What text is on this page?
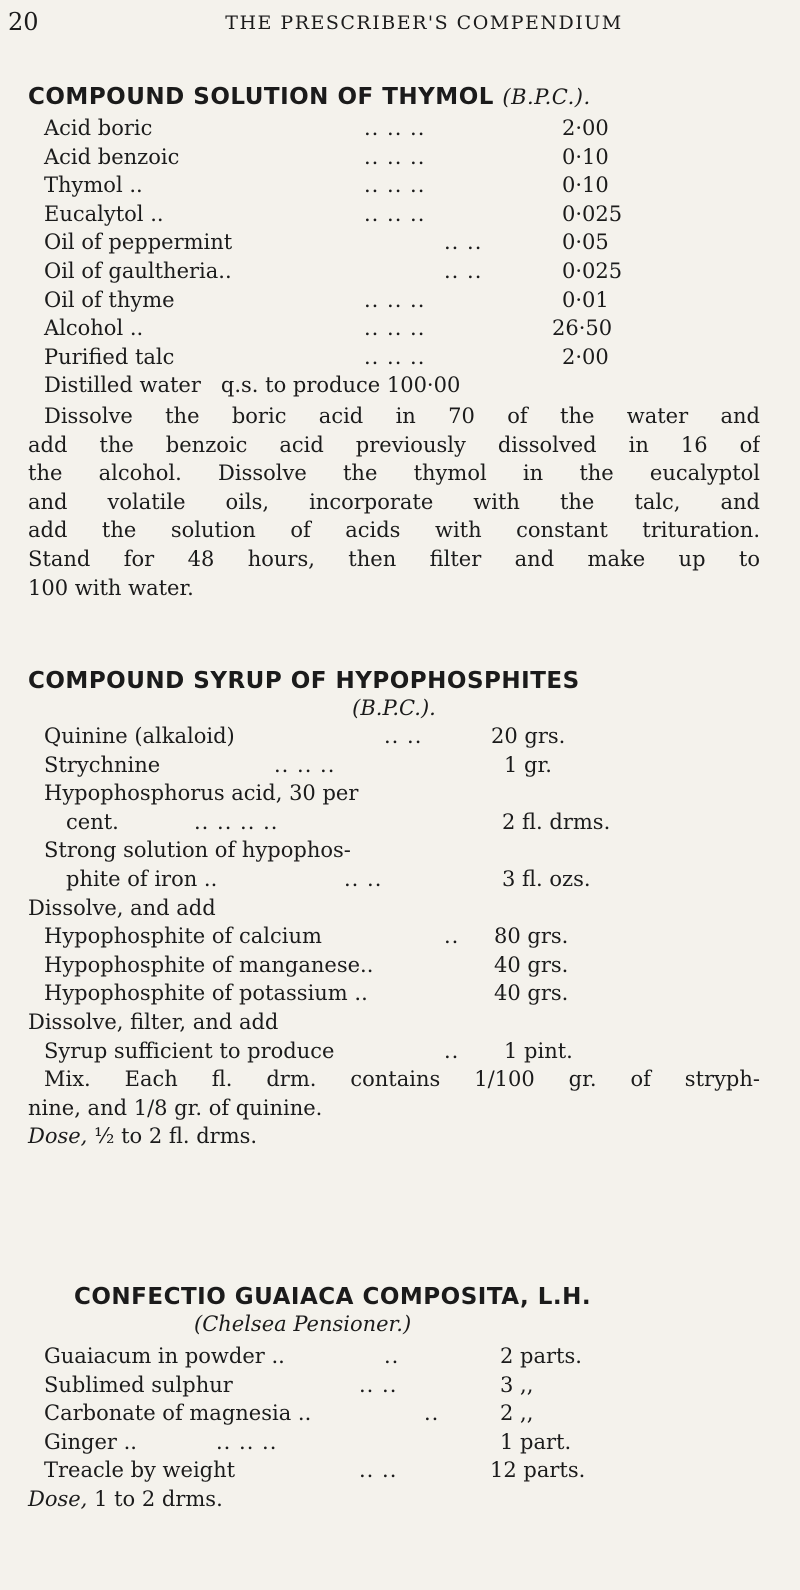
20	THE PRESCRIBER'S COMPENDIUM
COMPOUND SOLUTION OF THYMOL (B.P.C.).
Acid boric	.. .. ..	2·00
Acid benzoic	.. .. ..	0·10
Thymol ..	.. .. ..	0·10
Eucalytol ..	.. .. ..	0·025
Oil of peppermint	.. ..	0·05
Oil of gaultheria..	.. ..	0·025
Oil of thyme	.. .. ..	0·01
Alcohol ..	.. .. ..	26·50
Purified talc	.. .. ..	2·00
Distilled water   q.s. to produce 100·00
Dissolve the boric acid in 70 of the water and
add the benzoic acid previously dissolved in 16 of
the alcohol. Dissolve the thymol in the eucalyptol
and volatile oils, incorporate with the talc, and
add the solution of acids with constant trituration.
Stand for 48 hours, then filter and make up to
100 with water.
COMPOUND SYRUP OF HYPOPHOSPHITES
(B.P.C.).
Quinine (alkaloid)	.. ..	20 grs.
Strychnine	.. .. ..	1 gr.
Hypophosphorus acid, 30 per
cent.	.. .. .. ..	2 fl. drms.
Strong solution of hypophos-
phite of iron ..	.. ..	3 fl. ozs.
Dissolve, and add
Hypophosphite of calcium	.. 80 grs.
Hypophosphite of manganese..	40 grs.
Hypophosphite of potassium ..	40 grs.
Dissolve, filter, and add
Syrup sufficient to produce	.. 1 pint.
Mix. Each fl. drm. contains 1/100 gr. of stryph-
nine, and 1/8 gr. of quinine.
Dose, ½ to 2 fl. drms.
CONFECTIO GUAIACA COMPOSITA, L.H.
(Chelsea Pensioner.)
Guaiacum in powder ..	..	2 parts.
Sublimed sulphur	.. ..	3 ,,
Carbonate of magnesia ..	..	2 ,,
Ginger ..	.. .. ..	1 part.
Treacle by weight	.. ..	12 parts.
Dose, 1 to 2 drms.
